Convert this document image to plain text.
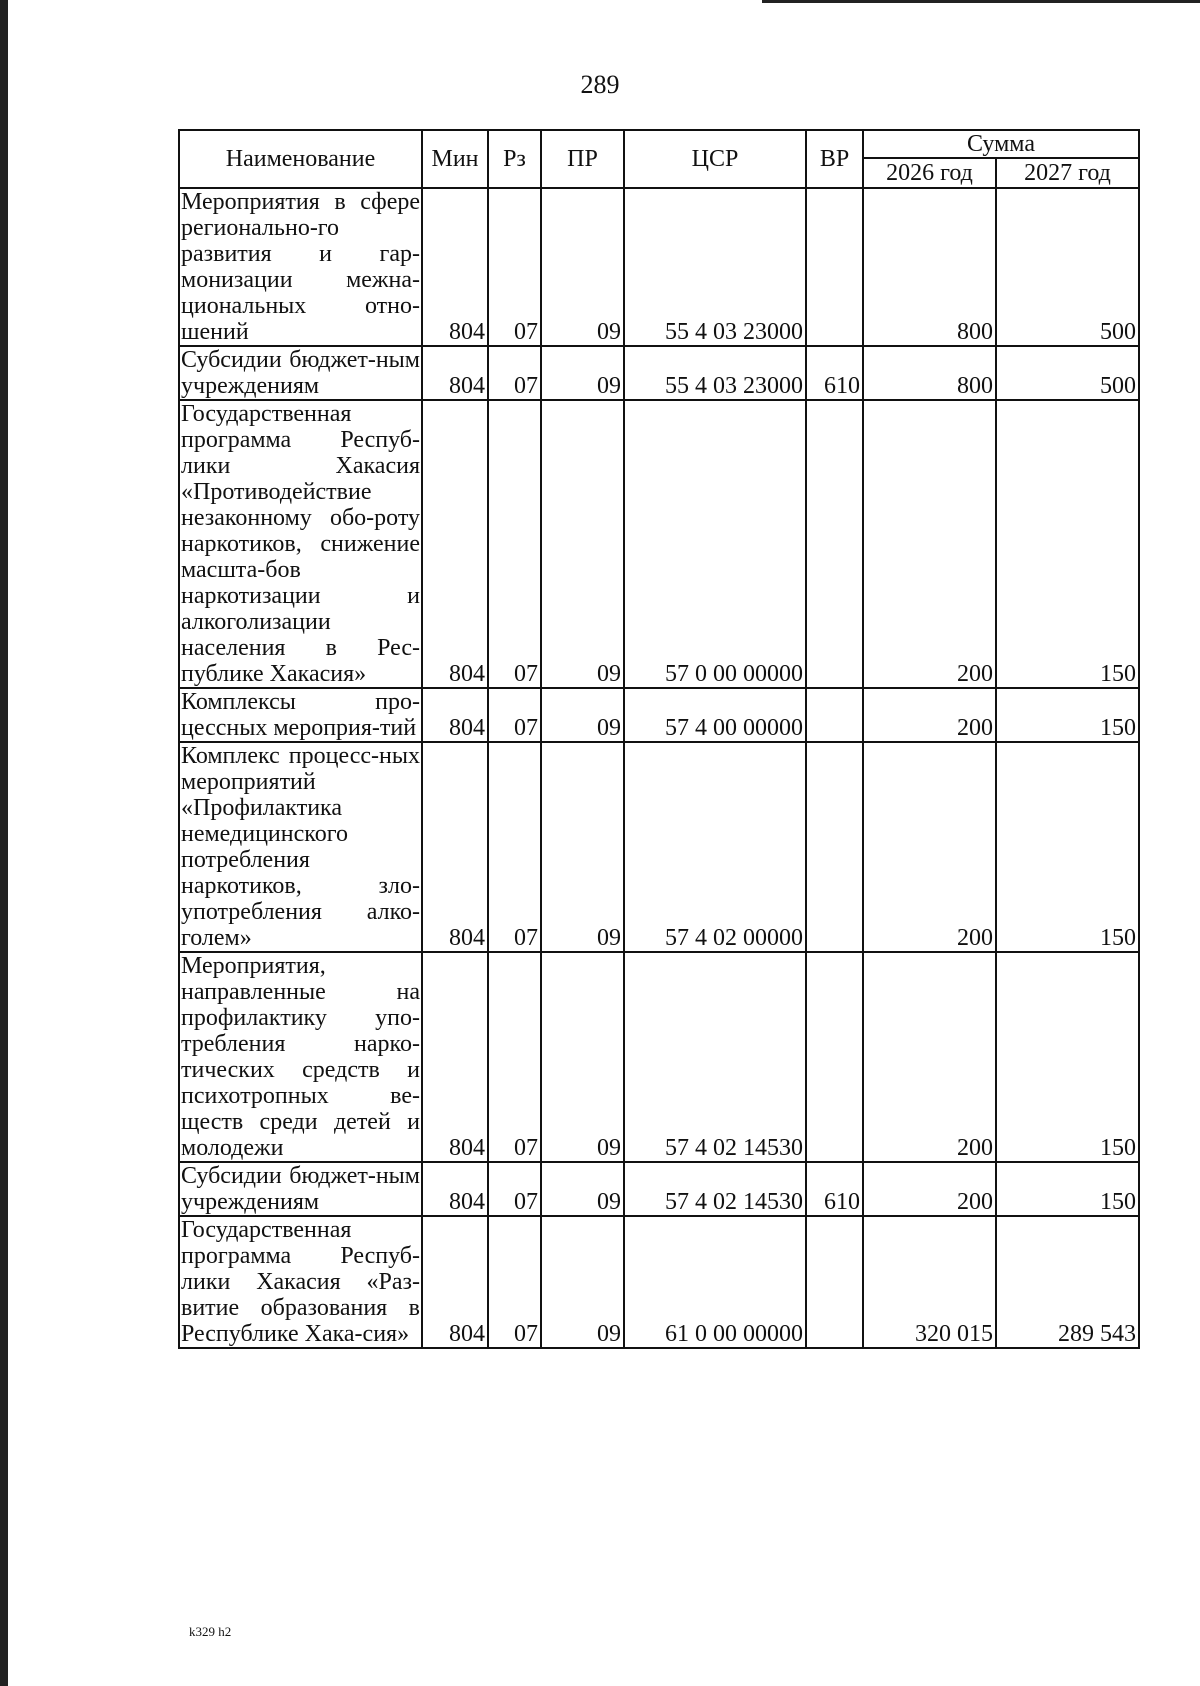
289
Наименование	Мин	Рз	ПР	ЦСР	ВР	Сумма	
						2026 год	2027 год
Мероприятия в сфере регионально-го развития и гар-монизации межна-циональных отно-шений	804	07	09	55 4 03 23000		800	500
Субсидии бюджет-ным учреждениям	804	07	09	55 4 03 23000	610	800	500
Государственная программа Респуб-лики Хакасия «Противодействие незаконному обо-роту наркотиков, снижение масшта-бов наркотизации и алкоголизации населения в Рес-публике Хакасия»	804	07	09	57 0 00 00000		200	150
Комплексы про-цессных мероприя-тий	804	07	09	57 4 00 00000		200	150
Комплекс процесс-ных мероприятий «Профилактика немедицинского потребления наркотиков, зло-употребления алко-голем»	804	07	09	57 4 02 00000		200	150
Мероприятия, направленные на профилактику упо-требления нарко-тических средств и психотропных ве-ществ среди детей и молодежи	804	07	09	57 4 02 14530		200	150
Субсидии бюджет-ным учреждениям	804	07	09	57 4 02 14530	610	200	150
Государственная программа Респуб-лики Хакасия «Раз-витие образования в Республике Хака-сия»	804	07	09	61 0 00 00000		320 015	289 543
k329 h2
